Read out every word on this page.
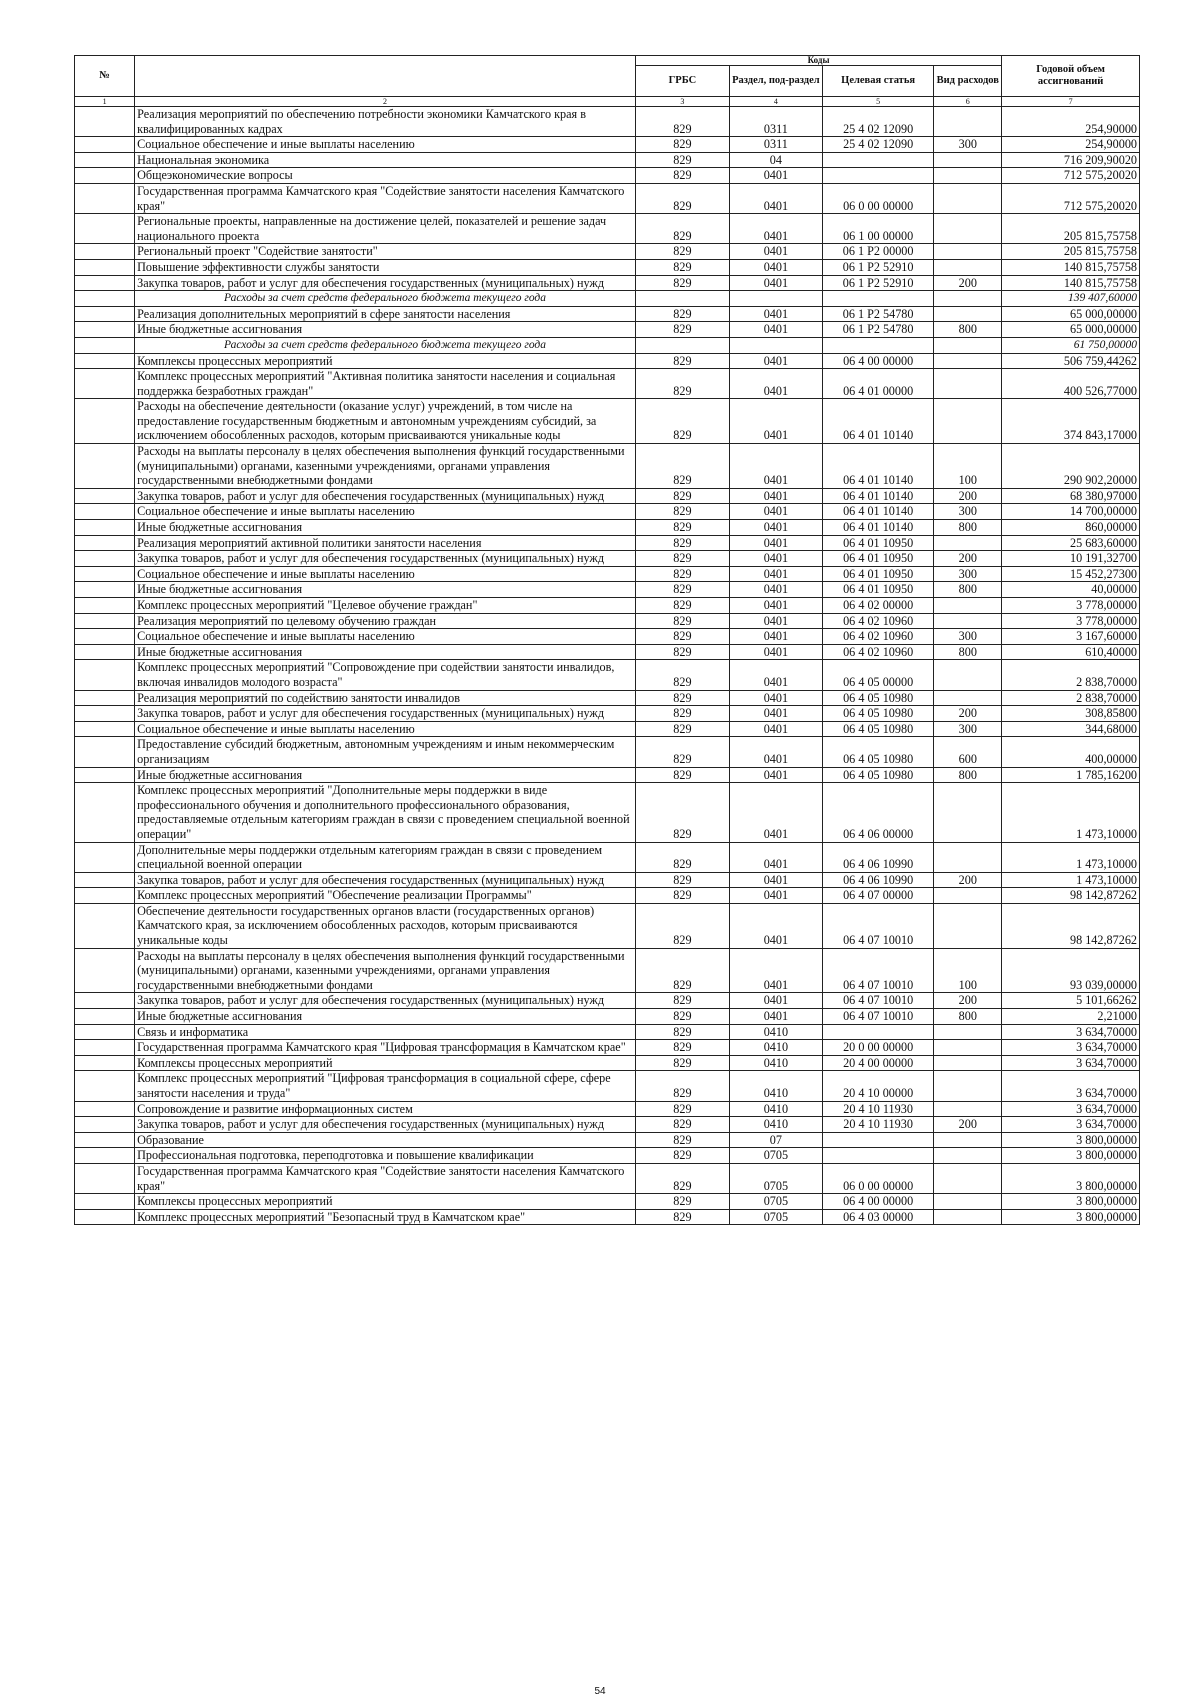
№		Коды				Годовой объем ассигнований
		ГРБС	Раздел, под-раздел	Целевая статья	Вид расходов	
1	2	3	4	5	6	7
	Реализация мероприятий по обеспечению потребности экономики Камчатского края в квалифицированных кадрах	829	0311	25 4 02 12090		254,90000
	Социальное обеспечение и иные выплаты населению	829	0311	25 4 02 12090	300	254,90000
	Национальная экономика	829	04			716 209,90020
	Общеэкономические вопросы	829	0401			712 575,20020
	Государственная программа Камчатского края "Содействие занятости населения Камчатского края"	829	0401	06 0 00 00000		712 575,20020
	Региональные проекты, направленные на достижение целей, показателей и решение задач национального проекта	829	0401	06 1 00 00000		205 815,75758
	Региональный проект "Содействие занятости"	829	0401	06 1 P2 00000		205 815,75758
	Повышение эффективности службы занятости	829	0401	06 1 P2 52910		140 815,75758
	Закупка товаров, работ и услуг для обеспечения государственных (муниципальных) нужд	829	0401	06 1 P2 52910	200	140 815,75758
	Расходы за счет средств федерального бюджета текущего года					139 407,60000
	Реализация дополнительных мероприятий в сфере занятости населения	829	0401	06 1 P2 54780		65 000,00000
	Иные бюджетные ассигнования	829	0401	06 1 P2 54780	800	65 000,00000
	Расходы за счет средств федерального бюджета текущего года					61 750,00000
	Комплексы процессных мероприятий	829	0401	06 4 00 00000		506 759,44262
	Комплекс процессных мероприятий "Активная политика занятости населения и социальная поддержка безработных граждан"	829	0401	06 4 01 00000		400 526,77000
	Расходы на обеспечение деятельности (оказание услуг) учреждений, в том числе на предоставление государственным бюджетным и автономным учреждениям субсидий, за исключением обособленных расходов, которым присваиваются уникальные коды	829	0401	06 4 01 10140		374 843,17000
	Расходы на выплаты персоналу в целях обеспечения выполнения функций государственными (муниципальными) органами, казенными учреждениями, органами управления государственными внебюджетными фондами	829	0401	06 4 01 10140	100	290 902,20000
	Закупка товаров, работ и услуг для обеспечения государственных (муниципальных) нужд	829	0401	06 4 01 10140	200	68 380,97000
	Социальное обеспечение и иные выплаты населению	829	0401	06 4 01 10140	300	14 700,00000
	Иные бюджетные ассигнования	829	0401	06 4 01 10140	800	860,00000
	Реализация мероприятий активной политики занятости населения	829	0401	06 4 01 10950		25 683,60000
	Закупка товаров, работ и услуг для обеспечения государственных (муниципальных) нужд	829	0401	06 4 01 10950	200	10 191,32700
	Социальное обеспечение и иные выплаты населению	829	0401	06 4 01 10950	300	15 452,27300
	Иные бюджетные ассигнования	829	0401	06 4 01 10950	800	40,00000
	Комплекс процессных мероприятий "Целевое обучение граждан"	829	0401	06 4 02 00000		3 778,00000
	Реализация мероприятий по целевому обучению граждан	829	0401	06 4 02 10960		3 778,00000
	Социальное обеспечение и иные выплаты населению	829	0401	06 4 02 10960	300	3 167,60000
	Иные бюджетные ассигнования	829	0401	06 4 02 10960	800	610,40000
	Комплекс процессных мероприятий "Сопровождение при содействии занятости инвалидов, включая инвалидов молодого возраста"	829	0401	06 4 05 00000		2 838,70000
	Реализация мероприятий по содействию занятости инвалидов	829	0401	06 4 05 10980		2 838,70000
	Закупка товаров, работ и услуг для обеспечения государственных (муниципальных) нужд	829	0401	06 4 05 10980	200	308,85800
	Социальное обеспечение и иные выплаты населению	829	0401	06 4 05 10980	300	344,68000
	Предоставление субсидий бюджетным, автономным учреждениям и иным некоммерческим организациям	829	0401	06 4 05 10980	600	400,00000
	Иные бюджетные ассигнования	829	0401	06 4 05 10980	800	1 785,16200
	Комплекс процессных мероприятий "Дополнительные меры поддержки в виде профессионального обучения и дополнительного профессионального образования, предоставляемые отдельным категориям граждан в связи с проведением специальной военной операции"	829	0401	06 4 06 00000		1 473,10000
	Дополнительные меры поддержки отдельным категориям граждан в связи с проведением специальной военной операции	829	0401	06 4 06 10990		1 473,10000
	Закупка товаров, работ и услуг для обеспечения государственных (муниципальных) нужд	829	0401	06 4 06 10990	200	1 473,10000
	Комплекс процессных мероприятий "Обеспечение реализации Программы"	829	0401	06 4 07 00000		98 142,87262
	Обеспечение деятельности государственных органов власти (государственных органов) Камчатского края, за исключением обособленных расходов, которым присваиваются уникальные коды	829	0401	06 4 07 10010		98 142,87262
	Расходы на выплаты персоналу в целях обеспечения выполнения функций государственными (муниципальными) органами, казенными учреждениями, органами управления государственными внебюджетными фондами	829	0401	06 4 07 10010	100	93 039,00000
	Закупка товаров, работ и услуг для обеспечения государственных (муниципальных) нужд	829	0401	06 4 07 10010	200	5 101,66262
	Иные бюджетные ассигнования	829	0401	06 4 07 10010	800	2,21000
	Связь и информатика	829	0410			3 634,70000
	Государственная программа Камчатского края "Цифровая трансформация в Камчатском крае"	829	0410	20 0 00 00000		3 634,70000
	Комплексы процессных мероприятий	829	0410	20 4 00 00000		3 634,70000
	Комплекс процессных мероприятий "Цифровая трансформация в социальной сфере, сфере занятости населения и труда"	829	0410	20 4 10 00000		3 634,70000
	Сопровождение и развитие информационных систем	829	0410	20 4 10 11930		3 634,70000
	Закупка товаров, работ и услуг для обеспечения государственных (муниципальных) нужд	829	0410	20 4 10 11930	200	3 634,70000
	Образование	829	07			3 800,00000
	Профессиональная подготовка, переподготовка и повышение квалификации	829	0705			3 800,00000
	Государственная программа Камчатского края "Содействие занятости населения Камчатского края"	829	0705	06 0 00 00000		3 800,00000
	Комплексы процессных мероприятий	829	0705	06 4 00 00000		3 800,00000
	Комплекс процессных мероприятий "Безопасный труд в Камчатском крае"	829	0705	06 4 03 00000		3 800,00000
54
